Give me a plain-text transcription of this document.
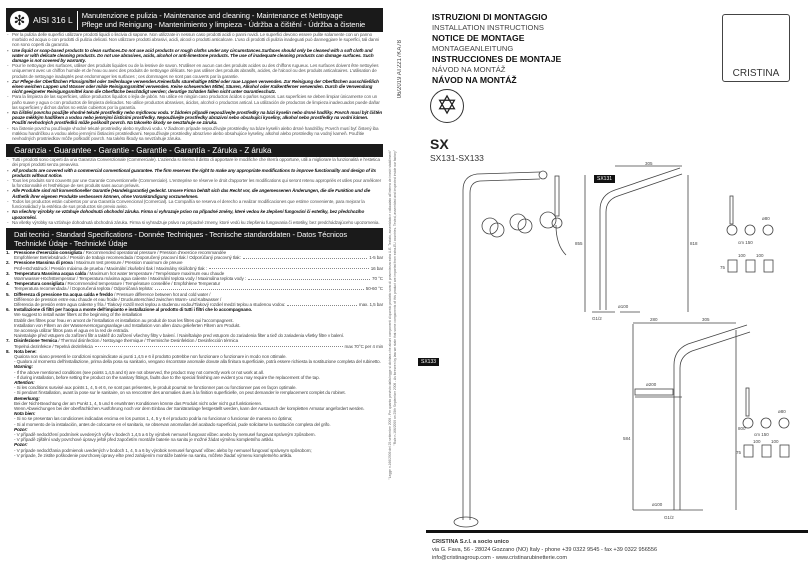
✻ AISI 316 L	Manutenzione e pulizia - Maintenance and cleaning - Maintenance et Nettoyage
Pflege und Reinigung - Mantenimiento y limpieza - Údržba a čištění - Údržba a čistenie
- Per la pulizia delle superfici utilizzare prodotti liquidi o liscivia di sapone. Non utilizzate in nessun caso prodotti acidi o panni ruvidi. Le superfici devono essere pulite solamente con un panno morbido ed acqua o con prodotti di pulizia delicati. Non utilizzare prodotti abrasivi, acidi, alcool o prodotti anticalcare. L'uso di prodotti di pulizia inadeguati può danneggiare le superfici, tali danni non sono coperti da garanzia.
- Use liquid or soap-based products to clean surfaces.Do not use acid products or rough cloths under any circumstances.Surfaces should only be cleaned with a soft cloth and water or with delicate cleaning products. Do not use abrasives, acids, alcohol or anti-limestone products. The use of inadequate cleaning products can damage surfaces. Such damage is not covered by warranty.
- Pour le nettoyage des surfaces, utiliser des produits liquides ou de la lessive de savon. N'utiliser en aucun cas des produits acides ou des chiffons rugueux. Les surfaces doivent être nettoyées uniquement avec un chiffon humide et de l'eau ou avec des produits de nettoyage délicats. Ne pas utiliser des produits abrasifs, acides, de l'alcool ou des produits anticalcaires. L'utilisation de produits de nettoyage inadaptés peut endommager les surfaces ; ces dommages ne sont pas couverts par la garantie.
- Zur Pflege der Oberflächen Flüssigmittel oder Seifenlauge verwenden.Keinesfalls säurehaltige Mittel oder raue Lappen verwenden. Zur Reinigung der Oberflächen ausschließlich einen weichen Lappen und Wasser oder milde Reinigungsmittel verwenden. Keine scheuernden Mittel, Säuren, Alkohol oder Kalkentferner verwenden. Durch die Verwendung nicht geeigneter Reinigungsmittel kann die Oberfläche beschädigt werden; derartige Schäden fallen nicht unter Garantieschutz.
- Para la limpieza de las superficies, utilice productos líquidos o lejía de jabón. No utilice en ningún caso productos ácidos o paños rugosos. Las superficies se deben limpiar únicamente con un paño suave y agua o con productos de limpieza delicados. No utilice productos abrasivos, ácidos, alcohol o productos antical. La utilización de productos de limpieza inadecuados puede dañar las superficies y dichos daños no están cubiertos por la garantía.
- Na čištění povrchu použijte vhodné tekuté prostředky nebo mýdlovou vodu. V žádném případě nepoužívejte prostředky na bázi kyselin nebo drsné hadříky. Povrch musí být čištěn pouze měkkým hadříkem a vodou nebo jemnými čisticími prostředky. Nepoužívejte prostředky abrazivní nebo obsahující kyseliny, alkohol nebo prostředky na vodní kámen. Použití nevhodných prostředků může poškodit povrch. Na takovéto škody se nevztahuje se záruka.
- Na čistenie povrchu používajte vhodné tekuté prostriedky alebo mydlovú vodu. V žiadnom prípade nepoužívajte prostriedky na báze kyselín alebo drsné handričky. Povrch musí byť čistený iba mäkkou handričkou a vodou alebo jemnými čistiacimi prostriedkami. Nepoužívajte prostriedky abrazívne alebo obsahujúce kyseliny, alkohol alebo prostriedky na vodný kameň. Použitie nevhodných prostriedkov môže poškodiť povrch. Na takéto škody sa nevzťahuje záruka.
Garanzia - Guarantee - Garantie - Garantie - Garantía - Záruka - Z áruka
- Tutti i prodotti sono coperti da una Garanzia Convenzionale (Commerciale). L'azienda si riserva il diritto di apportare le modifiche che riterrà opportune, utili a migliorare la funzionalità e l'estetica dei propri prodotti senza preavviso.
- All products are covered with a commercial conventional guarantee. The firm reserves the right to make any appropriate modifications to improve functionality and design of its products without notice.
- Tous les produits sont couverts par une Garantie Conventionnelle (Commerciale). L'entreprise se réserve le droit d'apporter les modifications qui seront retenu appropriés et utiles pour améliorer la fonctionnalité et l'esthétique de ses produits sans aucun préavis.
- Alle Produkte sind mit konventioneller Garantie (Handelsgarantie) gedeckt. Unsere Firma behält sich das Recht vor, die angemessenen Änderungen, die die Funktion und die Ästhetik ihrer eigenen Produkte verbessern können, ohne Vorankündigung vorzunehmen.
- Todos los productos están cubiertos por una Garantía Convencional (Comercial). La Compañía se reserva el derecho a realizar modificaciones que estime conveniente, para mejorar la funcionalidad y la estética de sus productos sin previo aviso.
- Na všechny výrobky se vztahuje dohodnutá obchodní záruka. Firma si vyhrazuje právo na případné změny, které vedou ke zlepšení fungování či estetiky, bez předchozího upozornění.
- Na všetky výrobky sa vzťahuje dohodnutá obchodná záruka. Firma si vyhradzuje právo na prípadné zmeny, ktoré vedú ku zlepšeniu fungovania či estetiky, bez predchádzajúceho upozornenia.
Dati tecnici - Standard Specifications - Donnée Techniques - Tecnische standarddaten - Datos Técnicos
Technické Údaje - Technické Údaje
1. Pressione d'esercizio consigliata / Recommended operational pressure / Pression d'exercice recommandée
Empfohlener Betriebsdruck / Presión de trabajo recomendada / Doporučený pracovní tlak / Odporúčaný pracovný tlak:	1-5 bar
2. Pressione Massima di prova / Maximum test pressure / Pression maximum de preuve
Prüf-Höchstdruck / Presión máxima de prueba / Maximální zkušební tlak / Maximálny skúšobný tlak :	16 bar
3. Temperatura Massima acqua calda / Maximum hot water temperature / Température maximum eau chaude
Warmwasser-Höchsttemperatur / Temperatura máxima agua caliente / Maximální teplota vody / Maximálna teplota vody :	70 °C
4. Temperatura consigliata / Recommended temperature / Température conseillée / Empfohlene Temperatur
Temperatura recomendada / / Doporučená teplota / Odporúčaná teplota:	50-60 °C
5. Differenza di pressione tra acqua calda e freddo / Pressure difference between hot and cold water /
Différence de pression entre eau chaude et eau froide / Druckunterschied zwischen Warm- und Kaltwasser /
Diferencia de presión entre agua caliente y fría / Tlakový rozdíl mezi teplou a studenou vodou/Tlakový rozdiel medzi teplou a studenou vodou:	max. 1,5 bar
6. Installazione di filtri per l'acqua a monte dell'impianto e installazione al prodotto di tutti i filtri che lo accompagnano.
We suggest to install water filters at the beginning of the installation
Etablir des filtres pour l'eau en amont de l'installation et installation au produit de tous les filtres qui l'accompagnent.
Installation von Filtern an der Wasserversorgungsanlage und Installation von allen dazu gelieferten Filtern am Produkt.
Se aconseja utilizar filtros para el agua en la red de entrada.
Nainstalujte před vstupem do zařízení filtr a taktéž do zařízení všechny filtry v balení. / Nainštalujte pred vstupom do zariadenia filter a tiež do zariadenia všetky filtre v balení.
7. Disinfezione Termica / Thermal disinfection / Nettoyage thermique / Thermische Desinfektion / Desinfección térmica
Tepelná dezinfekce / Tepelná dezinfekcia	max 70°C per 4 min
8. Nota bene:
Qualora non siano presenti le condizioni sopraindicate ai punti 1,4,5 e 6 il prodotto potrebbe non funzionare o funzionare in modo non ottimale.
- Qualora al momento dell'installazione, prima della posa su sanitario, vengano riscontrate anomalie dovute alla finitura superficiale, potrà essere richiesta la sostituzione completa del rubinetto.
Warning:
- If the above mentioned conditions (see points 1,4,5 and 6) are not observed, the product may not correctly work or not work at all.
- If during installation, before setting the product on the sanitary fittings, faults due to the special finishing are evident you may require the replacement of the tap.
Attention:
- Si les conditions susvisé aux points 1, 4, 5 et 6, ne sont pas présentes, le produit pourrait ne fonctionner pas ou fonctionner pas en façon optimale.
- Si pendant l'installation, avant la pose sur le sanitaire, on va rencontrer des anomalies dues à la finition superficielle, on peut demander le remplacement complet du robinet.
Bemerkung:
Bei der Nicht-Beachtung der am Punkt 1, 4, 5 und 6 erwähnten Konditionen könnte das Produkt nicht oder nicht gut funktionieren.
Wenn Abweichungen bei der oberflächlichen Ausführung noch vor dem Einbau der Sanitäranlage festgestellt werden, kann der Austausch der kompletten Armatur angefordert werden.
Nota bien:
- Si no se presentan las condiciones indicadas encima en los puntos 1, 4, 5 y 6 el producto podría no funcionar o funcionar de manera no óptima;
- Si al momento de la instalación, antes de colocarse en el sanitario, se observan anomalías del acabado superficial, pude solicitarse la sustitución completa del grifo.
Pozor:
- V případě nedodržení podmínek uvedených výše v bodech 1,4,5 a 6 by výrobek nemusel fungovat vůbec anebo by nemusel fungovat správným způsobem.
- V případě zjištění vady povrchové úpravy ještě před započetím montáže baterie na sanitu je možné žádat výměnu kompletního artiklu.
Pozor:
- V prípade nedodržania podmienok uvedených v bodoch 1, 4, 5 a 6 by výrobok nemusel fungovať vôbec alebo by nemusel fungovať správnym spôsobom;
- V prípade, že zistíte poškodenie povrchovej úpravy ešte pred zahájením montáže batérie na sanitu, môžete žiadať výmenu kompletného artikla.
06/2019 AT2217KA78
"Legge n.166/2009 del 25 settembre 2009 - Per quanto previsto dalla legge si dichiara che alcuni componenti di questo prodotto sono di provenienza extra U.E. Testato, assemblato e collaudato all'interno dei nostri stabilimenti" "Rule n.166/2009 on 25th September 2009 - As foreseen by law we state that some components of this product are imported from extra-EU countries. Tested, assembled and inspected inside our factory"
ISTRUZIONI DI MONTAGGIO
INSTALLATION INSTRUCTIONS
NOTICE DE MONTAGE
MONTAGEANLEITUNG
INSTRUCCIONES DE MONTAJE
NÁVOD NA MONTÁŽ
NÁVOD NA MONTÁŽ
CRISTINA
✡
SX
SX131-SX133
SX131
SX133
305
855	818
ø100
G1/2
ø80
cm 150
100 100
75
280	305
ø200
584
800
ø100
G1/2
ø80
cm 150
100 100
75
CRISTINA S.r.l. a socio unico
via G. Fava, 56 - 28024 Gozzano (NO) Italy - phone +39 0322 9545 - fax +39 0322 956556
info@cristinagroup.com - www.cristinarubinetterie.com
